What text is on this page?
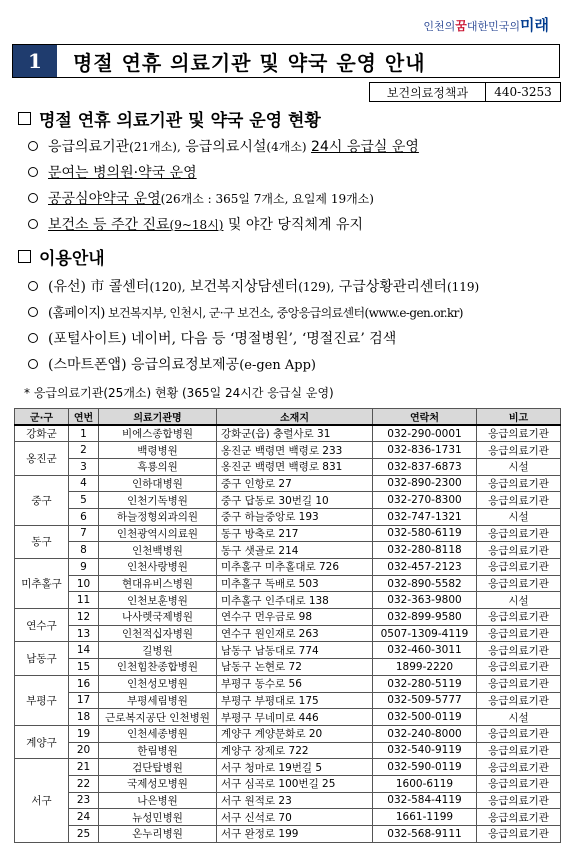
인천의꿈대한민국의미래
1	명절 연휴 의료기관 및 약국 운영 안내
보건의료정책과	440-3253
명절 연휴 의료기관 및 약국 운영 현황
응급의료기관(21개소), 응급의료시설(4개소) 24시 응급실 운영
문여는 병의원·약국 운영
공공심야약국 운영(26개소 : 365일 7개소, 요일제 19개소)
보건소 등 주간 진료(9~18시) 및 야간 당직체계 유지
이용안내
(유선) 市 콜센터(120), 보건복지상담센터(129), 구급상황관리센터(119)
(홈페이지) 보건복지부, 인천시, 군·구 보건소, 중앙응급의료센터(www.e-gen.or.kr)
(포털사이트) 네이버, 다음 등 ‘명절병원’, ‘명절진료’ 검색
(스마트폰앱) 응급의료정보제공(e-gen App)
* 응급의료기관(25개소) 현황 (365일 24시간 응급실 운영)
군·구	연번	의료기관명	소재지	연락처	비고
강화군	1	비에스종합병원	강화군(읍) 충렬사로 31	032-290-0001	응급의료기관
옹진군	2	백령병원	옹진군 백령면 백령로 233	032-836-1731	응급의료기관
	3	흑룡의원	옹진군 백령면 백령로 831	032-837-6873	시설
중구	4	인하대병원	중구 인항로 27	032-890-2300	응급의료기관
	5	인천기독병원	중구 답동로 30번길 10	032-270-8300	응급의료기관
	6	하늘정형외과의원	중구 하늘중앙로 193	032-747-1321	시설
동구	7	인천광역시의료원	동구 방축로 217	032-580-6119	응급의료기관
	8	인천백병원	동구 샛골로 214	032-280-8118	응급의료기관
미추홀구	9	인천사랑병원	미추홀구 미추홀대로 726	032-457-2123	응급의료기관
	10	현대유비스병원	미추홀구 독배로 503	032-890-5582	응급의료기관
	11	인천보훈병원	미추홀구 인주대로 138	032-363-9800	시설
연수구	12	나사렛국제병원	연수구 먼우금로 98	032-899-9580	응급의료기관
	13	인천적십자병원	연수구 원인재로 263	0507-1309-4119	응급의료기관
남동구	14	길병원	남동구 남동대로 774	032-460-3011	응급의료기관
	15	인천힘찬종합병원	남동구 논현로 72	1899-2220	응급의료기관
부평구	16	인천성모병원	부평구 동수로 56	032-280-5119	응급의료기관
	17	부평세림병원	부평구 부평대로 175	032-509-5777	응급의료기관
	18	근로복지공단 인천병원	부평구 무네미로 446	032-500-0119	시설
계양구	19	인천세종병원	계양구 계양문화로 20	032-240-8000	응급의료기관
	20	한림병원	계양구 장제로 722	032-540-9119	응급의료기관
서구	21	검단탑병원	서구 청마로 19번길 5	032-590-0119	응급의료기관
	22	국제성모병원	서구 심곡로 100번길 25	1600-6119	응급의료기관
	23	나은병원	서구 원적로 23	032-584-4119	응급의료기관
	24	뉴성민병원	서구 신석로 70	1661-1199	응급의료기관
	25	온누리병원	서구 완정로 199	032-568-9111	응급의료기관
